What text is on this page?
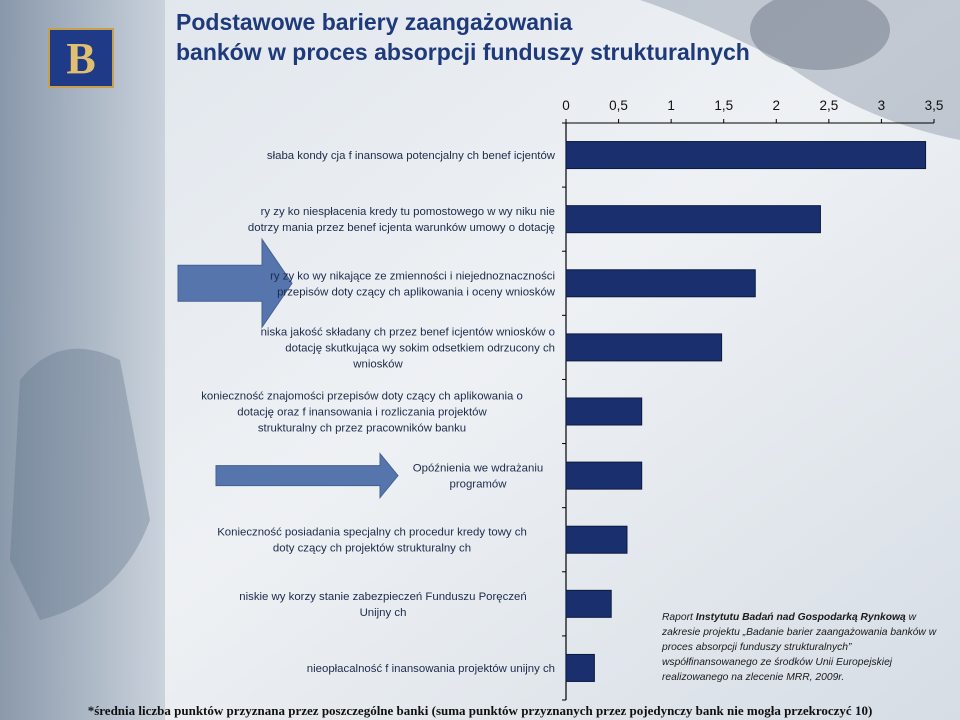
B
Podstawowe bariery zaangażowania
banków w proces absorpcji funduszy strukturalnych
0	0,5	1	1,5	2	2,5	3	3,5
słaba kondy cja f inansowa potencjalny ch benef icjentów
ry zy ko niespłacenia kredy tu pomostowego w wy niku nie
dotrzy mania przez benef icjenta warunków umowy o dotację
ry zy ko wy nikające ze zmienności i niejednoznaczności
przepisów doty czący ch aplikowania i oceny wniosków
niska jakość składany ch przez benef icjentów wniosków o
dotację skutkująca wy sokim odsetkiem odrzucony ch
wniosków
konieczność znajomości przepisów doty czący ch aplikowania o
dotację oraz f inansowania i rozliczania projektów
strukturalny ch przez pracowników banku
Opóźnienia we wdrażaniu
programów
Konieczność posiadania specjalny ch procedur kredy towy ch
doty czący ch projektów strukturalny ch
niskie wy korzy stanie zabezpieczeń Funduszu Poręczeń
Unijny ch
nieopłacalność f inansowania projektów unijny ch
Raport Instytutu Badań nad Gospodarką Rynkową w zakresie projektu „Badanie barier zaangażowania banków w proces absorpcji funduszy strukturalnych” współfinansowanego ze środków Unii Europejskiej realizowanego na zlecenie MRR, 2009r.
*średnia liczba punktów przyznana przez poszczególne banki (suma punktów przyznanych przez pojedynczy bank nie mogła przekroczyć 10)
